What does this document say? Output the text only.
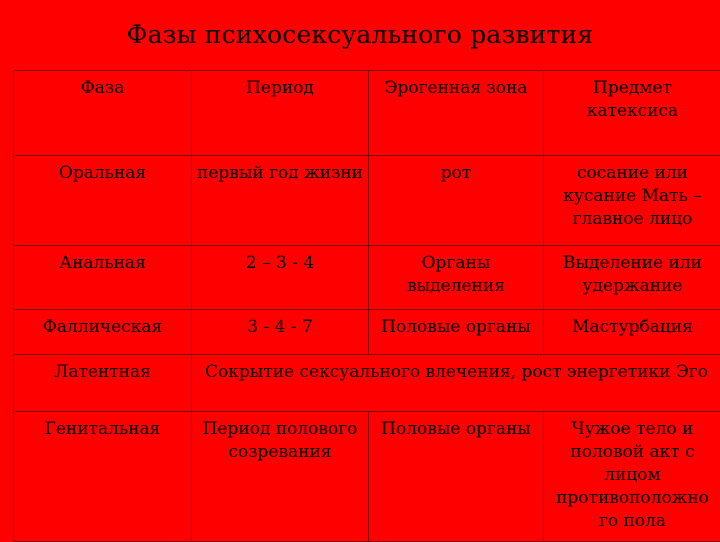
Фазы психосексуального развития
Фаза	Период	Эрогенная зона	Предмет катексиса
Оральная	первый год жизни	рот	сосание или кусание Мать – главное лицо
Анальная	2 – 3 - 4	Органы выделения	Выделение или удержание
Фаллическая	3 - 4 - 7	Половые органы	Мастурбация
Латентная	Сокрытие сексуального влечения, рост энергетики Эго		
Генитальная	Период полового созревания	Половые органы	Чужое тело и половой акт с лицом противоположно го пола
